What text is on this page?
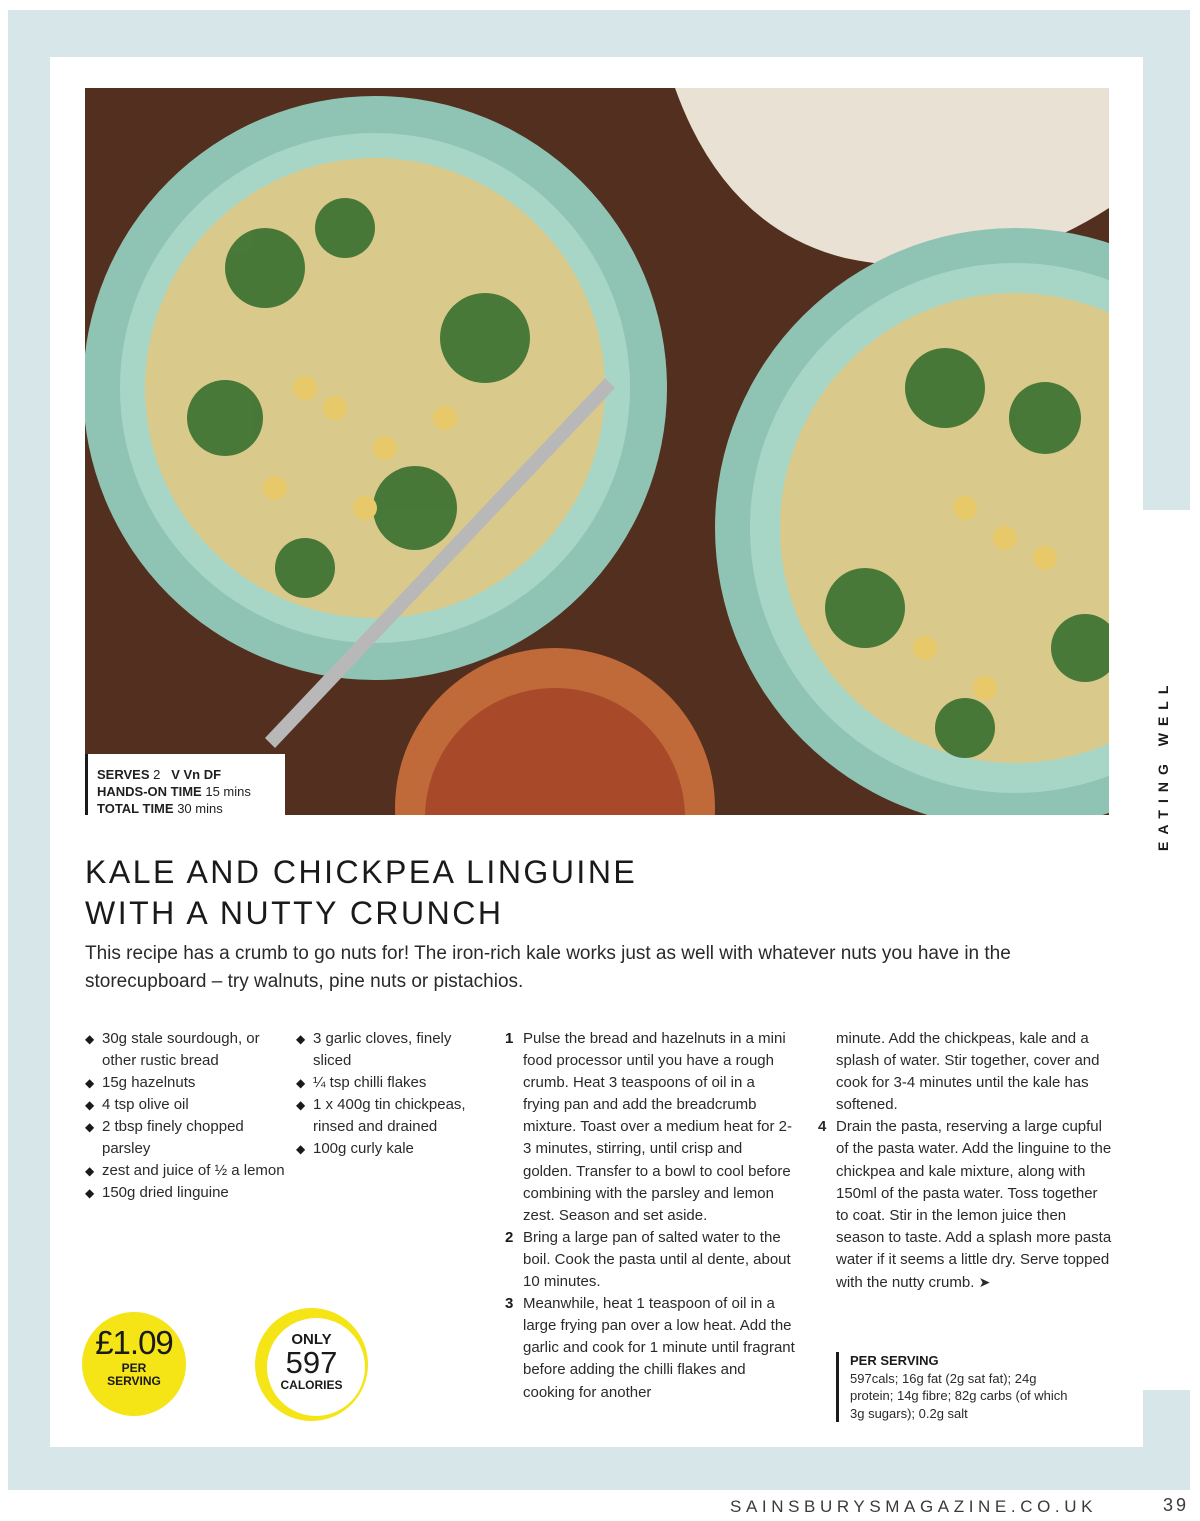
SERVES 2 V Vn DF
HANDS-ON TIME 15 mins
TOTAL TIME 30 mins	EATING WELL
KALE AND CHICKPEA LINGUINE
WITH A NUTTY CRUNCH

This recipe has a crumb to go nuts for! The iron-rich kale works just as well with whatever nuts you have in the storecupboard – try walnuts, pine nuts or pistachios.

◆ 30g stale sourdough, or other rustic bread
◆ 15g hazelnuts
◆ 4 tsp olive oil
◆ 2 tbsp finely chopped parsley
◆ zest and juice of ½ a lemon
◆ 150g dried linguine
◆ 3 garlic cloves, finely sliced
◆ ¼ tsp chilli flakes
◆ 1 x 400g tin chickpeas, rinsed and drained
◆ 100g curly kale
1 Pulse the bread and hazelnuts in a mini food processor until you have a rough crumb. Heat 3 teaspoons of oil in a frying pan and add the breadcrumb mixture. Toast over a medium heat for 2-3 minutes, stirring, until crisp and golden. Transfer to a bowl to cool before combining with the parsley and lemon zest. Season and set aside.
2 Bring a large pan of salted water to the boil. Cook the pasta until al dente, about 10 minutes.
3 Meanwhile, heat 1 teaspoon of oil in a large frying pan over a low heat. Add the garlic and cook for 1 minute until fragrant before adding the chilli flakes and cooking for another
minute. Add the chickpeas, kale and a splash of water. Stir together, cover and cook for 3-4 minutes until the kale has softened.
4 Drain the pasta, reserving a large cupful of the pasta water. Add the linguine to the chickpea and kale mixture, along with 150ml of the pasta water. Toss together to coat. Stir in the lemon juice then season to taste. Add a splash more pasta water if it seems a little dry. Serve topped with the nutty crumb. ➤
PER SERVING
597cals; 16g fat (2g sat fat); 24g protein; 14g fibre; 82g carbs (of which 3g sugars); 0.2g salt
£1.09
PER
SERVING
ONLY
597
CALORIES
SAINSBURYSMAGAZINE.CO.UK	39
